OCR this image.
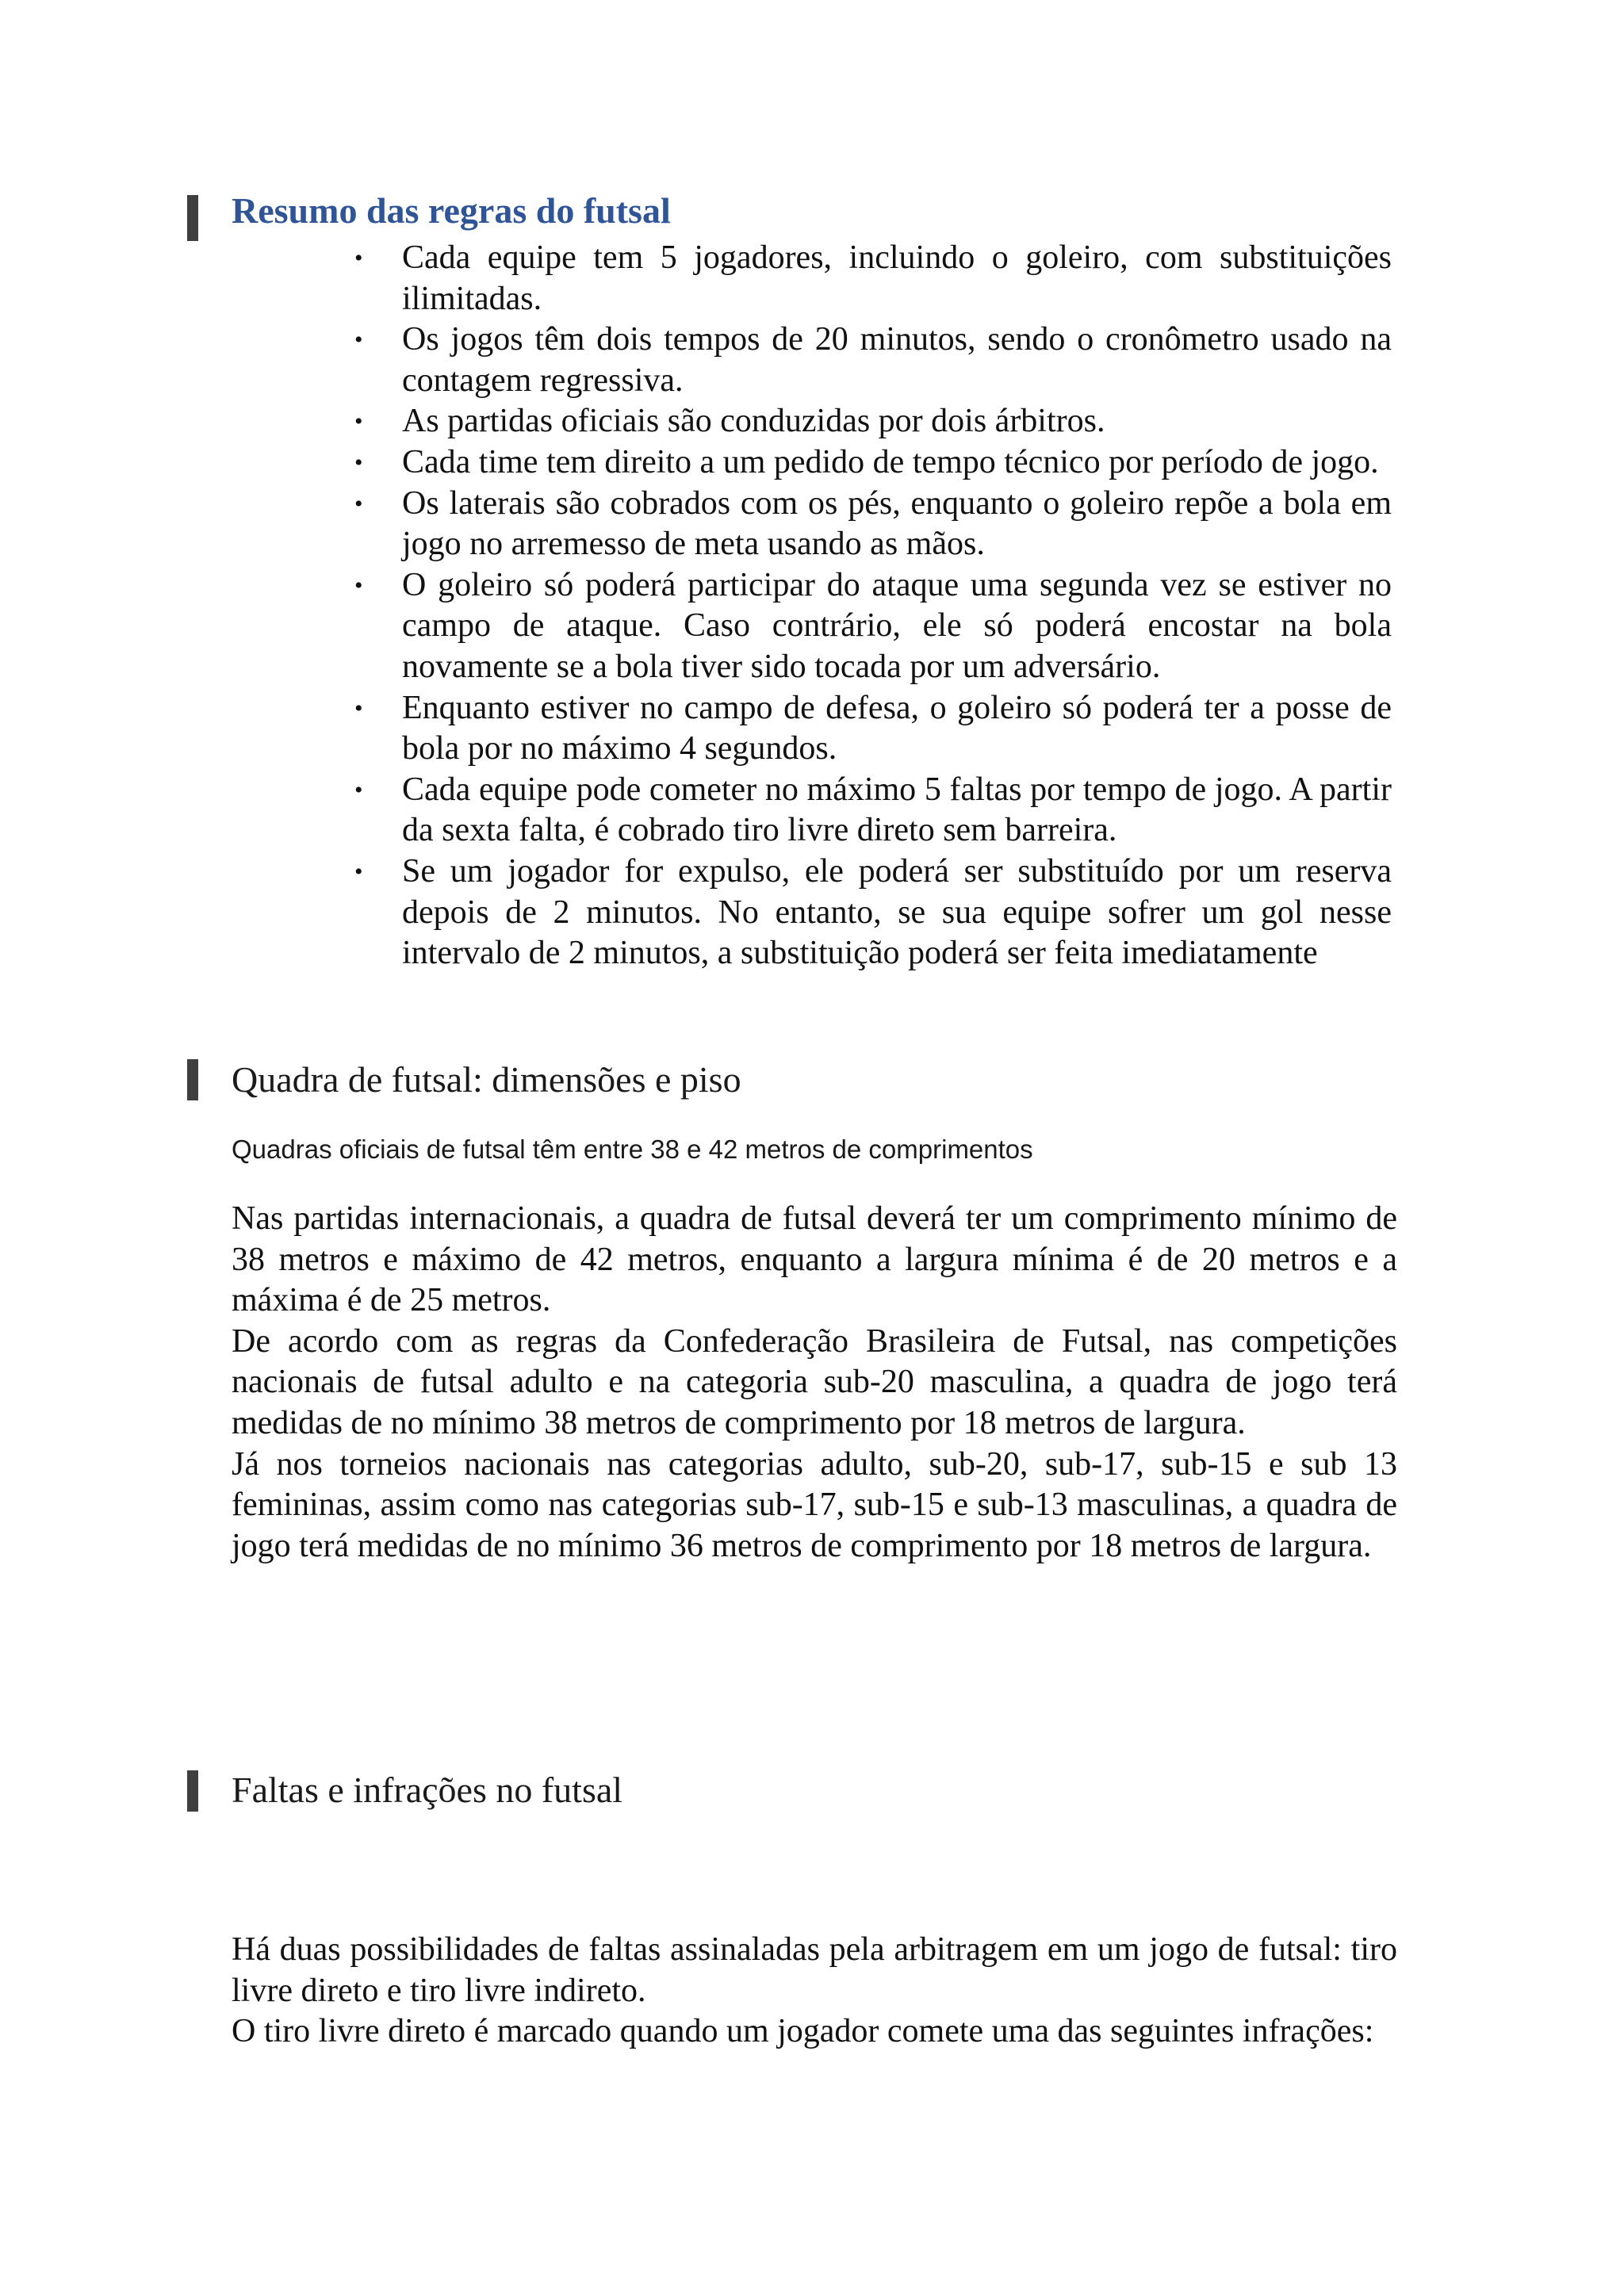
Resumo das regras do futsal
• Cada equipe tem 5 jogadores, incluindo o goleiro, com substituições ilimitadas.
• Os jogos têm dois tempos de 20 minutos, sendo o cronômetro usado na contagem regressiva.
• As partidas oficiais são conduzidas por dois árbitros.
• Cada time tem direito a um pedido de tempo técnico por período de jogo.
• Os laterais são cobrados com os pés, enquanto o goleiro repõe a bola em jogo no arremesso de meta usando as mãos.
• O goleiro só poderá participar do ataque uma segunda vez se estiver no campo de ataque. Caso contrário, ele só poderá encostar na bola novamente se a bola tiver sido tocada por um adversário.
• Enquanto estiver no campo de defesa, o goleiro só poderá ter a posse de bola por no máximo 4 segundos.
• Cada equipe pode cometer no máximo 5 faltas por tempo de jogo. A partir da sexta falta, é cobrado tiro livre direto sem barreira.
• Se um jogador for expulso, ele poderá ser substituído por um reserva depois de 2 minutos. No entanto, se sua equipe sofrer um gol nesse intervalo de 2 minutos, a substituição poderá ser feita imediatamente
Quadra de futsal: dimensões e piso

Quadras oficiais de futsal têm entre 38 e 42 metros de comprimentos

Nas partidas internacionais, a quadra de futsal deverá ter um comprimento mínimo de 38 metros e máximo de 42 metros, enquanto a largura mínima é de 20 metros e a máxima é de 25 metros.

De acordo com as regras da Confederação Brasileira de Futsal, nas competições nacionais de futsal adulto e na categoria sub-20 masculina, a quadra de jogo terá medidas de no mínimo 38 metros de comprimento por 18 metros de largura.

Já nos torneios nacionais nas categorias adulto, sub-20, sub-17, sub-15 e sub 13 femininas, assim como nas categorias sub-17, sub-15 e sub-13 masculinas, a quadra de jogo terá medidas de no mínimo 36 metros de comprimento por 18 metros de largura.

Faltas e infrações no futsal

Há duas possibilidades de faltas assinaladas pela arbitragem em um jogo de futsal: tiro livre direto e tiro livre indireto.

O tiro livre direto é marcado quando um jogador comete uma das seguintes infrações:
